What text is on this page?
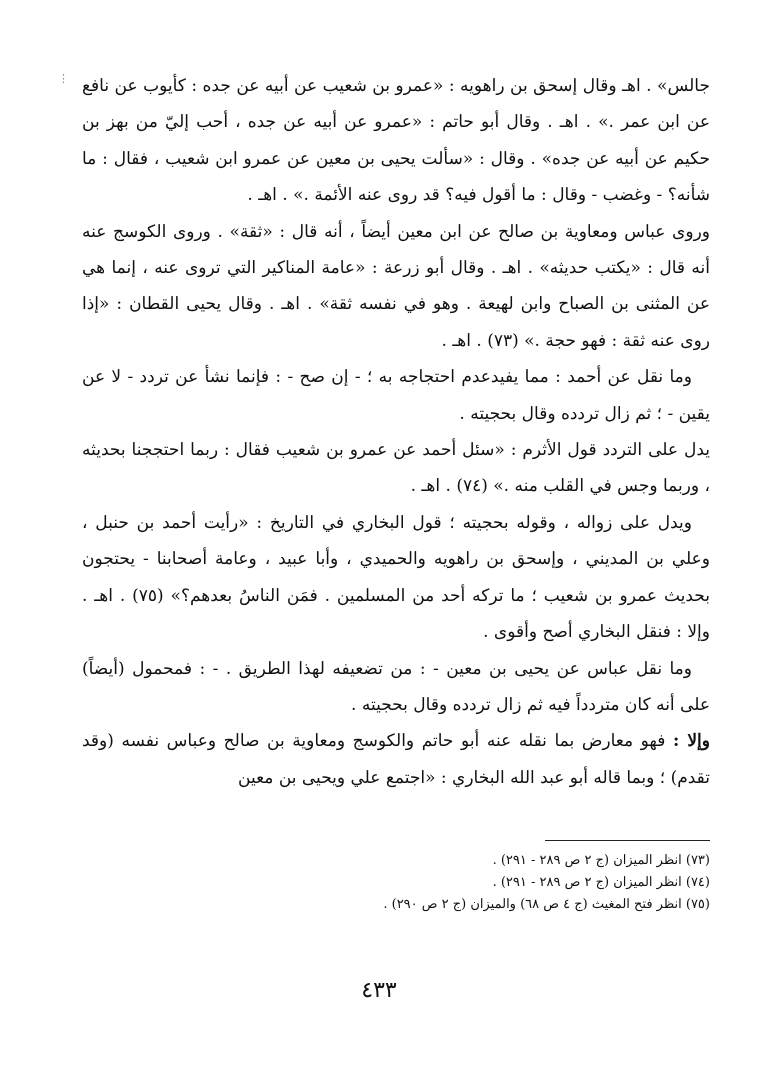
⋮ جالس» . اهـ وقال إسحق بن راهويه : «عمرو بن شعيب عن أبيه عن جده : كأيوب عن نافع عن ابن عمر .» . اهـ . وقال أبو حاتم : «عمرو عن أبيه عن جده ، أحب إليّ من بهز بن حكيم عن أبيه عن جده» . وقال : «سألت يحيى بن معين عن عمرو ابن شعيب ، فقال : ما شأنه؟ - وغضب - وقال : ما أقول فيه؟ قد روى عنه الأئمة .» . اهـ .

وروى عباس ومعاوية بن صالح عن ابن معين أيضاً ، أنه قال : «ثقة» . وروى الكوسج عنه أنه قال : «يكتب حديثه» . اهـ . وقال أبو زرعة : «عامة المناكير التي تروى عنه ، إنما هي عن المثنى بن الصباح وابن لهيعة . وهو في نفسه ثقة» . اهـ . وقال يحيى القطان : «إذا روى عنه ثقة : فهو حجة .» (٧٣) . اهـ .

وما نقل عن أحمد : مما يفيدعدم احتجاجه به ؛ - إن صح - : فإنما نشأ عن تردد - لا عن يقين - ؛ ثم زال تردده وقال بحجيته .

يدل على التردد قول الأثرم : «سئل أحمد عن عمرو بن شعيب فقال : ربما احتججنا بحديثه ، وربما وجس في القلب منه .» (٧٤) . اهـ .

ويدل على زواله ، وقوله بحجيته ؛ قول البخاري في التاريخ : «رأيت أحمد بن حنبل ، وعلي بن المديني ، وإسحق بن راهويه والحميدي ، وأبا عبيد ، وعامة أصحابنا - يحتجون بحديث عمرو بن شعيب ؛ ما تركه أحد من المسلمين . فمَن الناسُ بعدهم؟» (٧٥) . اهـ . وإلا : فنقل البخاري أصح وأقوى .

وما نقل عباس عن يحيى بن معين - : من تضعيفه لهذا الطريق . - : فمحمول (أيضاً) على أنه كان متردداً فيه ثم زال تردده وقال بحجيته .

وإلا : فهو معارض بما نقله عنه أبو حاتم والكوسج ومعاوية بن صالح وعباس نفسه (وقد تقدم) ؛ وبما قاله أبو عبد الله البخاري : «اجتمع علي ويحيى بن معين

(٧٣) انظر الميزان (ج ٢ ص ٢٨٩ - ٢٩١) .
(٧٤) انظر الميزان (ج ٢ ص ٢٨٩ - ٢٩١) .
(٧٥) انظر فتح المغيث (ج ٤ ص ٦٨) والميزان (ج ٢ ص ٢٩٠) .
٤٣٣
